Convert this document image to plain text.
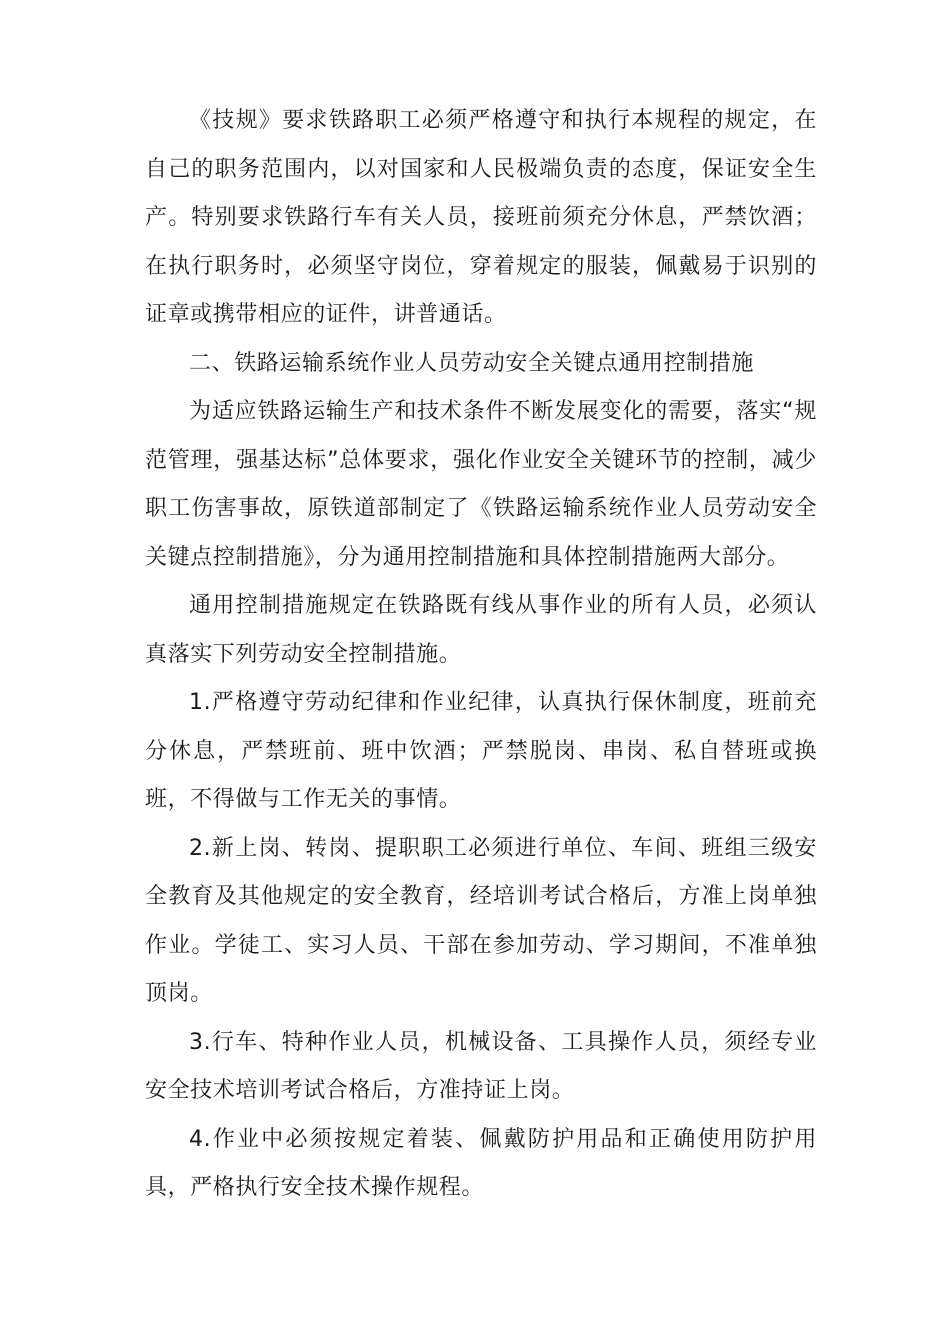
《技规》要求铁路职工必须严格遵守和执行本规程的规定，在自己的职务范围内，以对国家和人民极端负责的态度，保证安全生产。特别要求铁路行车有关人员，接班前须充分休息，严禁饮酒；在执行职务时，必须坚守岗位，穿着规定的服装，佩戴易于识别的证章或携带相应的证件，讲普通话。

二、铁路运输系统作业人员劳动安全关键点通用控制措施

为适应铁路运输生产和技术条件不断发展变化的需要，落实“规范管理，强基达标”总体要求，强化作业安全关键环节的控制，减少职工伤害事故，原铁道部制定了《铁路运输系统作业人员劳动安全关键点控制措施》，分为通用控制措施和具体控制措施两大部分。

通用控制措施规定在铁路既有线从事作业的所有人员，必须认真落实下列劳动安全控制措施。

1.严格遵守劳动纪律和作业纪律，认真执行保休制度，班前充分休息，严禁班前、班中饮酒；严禁脱岗、串岗、私自替班或换班，不得做与工作无关的事情。

2.新上岗、转岗、提职职工必须进行单位、车间、班组三级安全教育及其他规定的安全教育，经培训考试合格后，方准上岗单独作业。学徒工、实习人员、干部在参加劳动、学习期间，不准单独顶岗。

3.行车、特种作业人员，机械设备、工具操作人员，须经专业安全技术培训考试合格后，方准持证上岗。

4.作业中必须按规定着装、佩戴防护用品和正确使用防护用具，严格执行安全技术操作规程。
